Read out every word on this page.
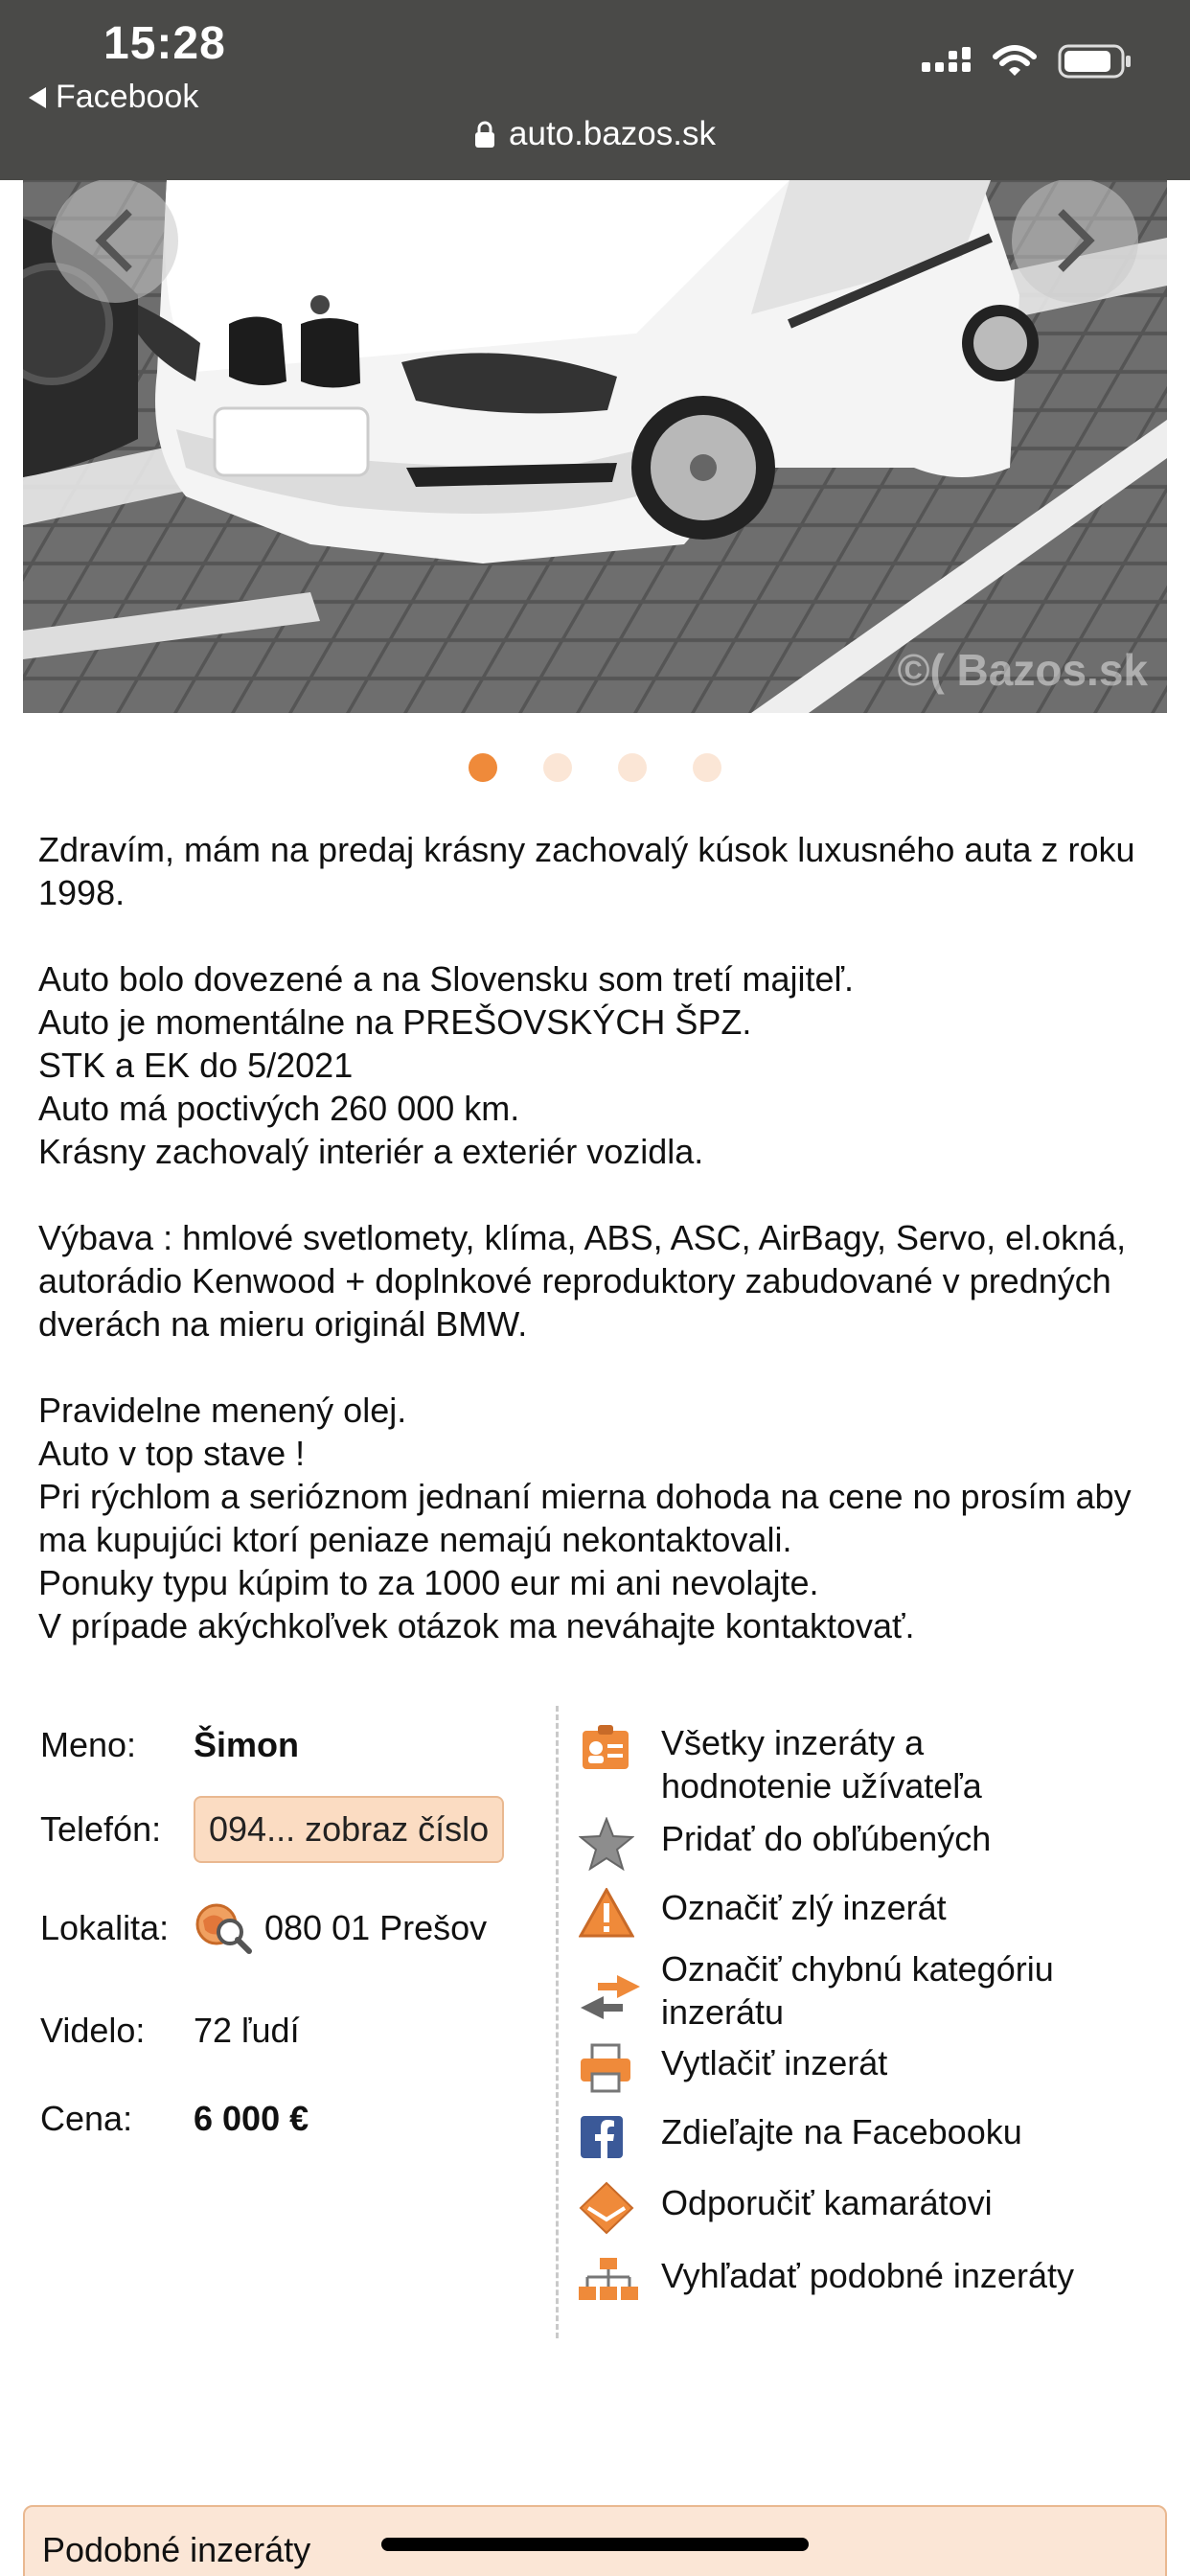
15:28
Facebook
auto.bazos.sk
©( Bazos.sk

Zdravím, mám na predaj krásny zachovalý kúsok luxusného auta z roku 1998.

Auto bolo dovezené a na Slovensku som tretí majiteľ.
Auto je momentálne na PREŠOVSKÝCH ŠPZ.
STK a EK do 5/2021
Auto má poctivých 260 000 km.
Krásny zachovalý interiér a exteriér vozidla.

Výbava : hmlové svetlomety, klíma, ABS, ASC, AirBagy, Servo, el.okná, autorádio Kenwood + doplnkové reproduktory zabudované v predných dverách na mieru originál BMW.

Pravidelne menený olej.
Auto v top stave !
Pri rýchlom a serióznom jednaní mierna dohoda na cene no prosím aby ma kupujúci ktorí peniaze nemajú nekontaktovali.
Ponuky typu kúpim to za 1000 eur mi ani nevolajte.
V prípade akýchkoľvek otázok ma neváhajte kontaktovať.

Meno:	Šimon
Telefón:	094... zobraz číslo
Lokalita:	080 01 Prešov
Videlo:	72 ľudí
Cena:	6 000 €
Všetky inzeráty a
hodnotenie užívateľa
Pridať do obľúbených
Označiť zlý inzerát
Označiť chybnú kategóriu
inzerátu
Vytlačiť inzerát
Zdieľajte na Facebooku
Odporučiť kamarátovi
Vyhľadať podobné inzeráty
Podobné inzeráty
